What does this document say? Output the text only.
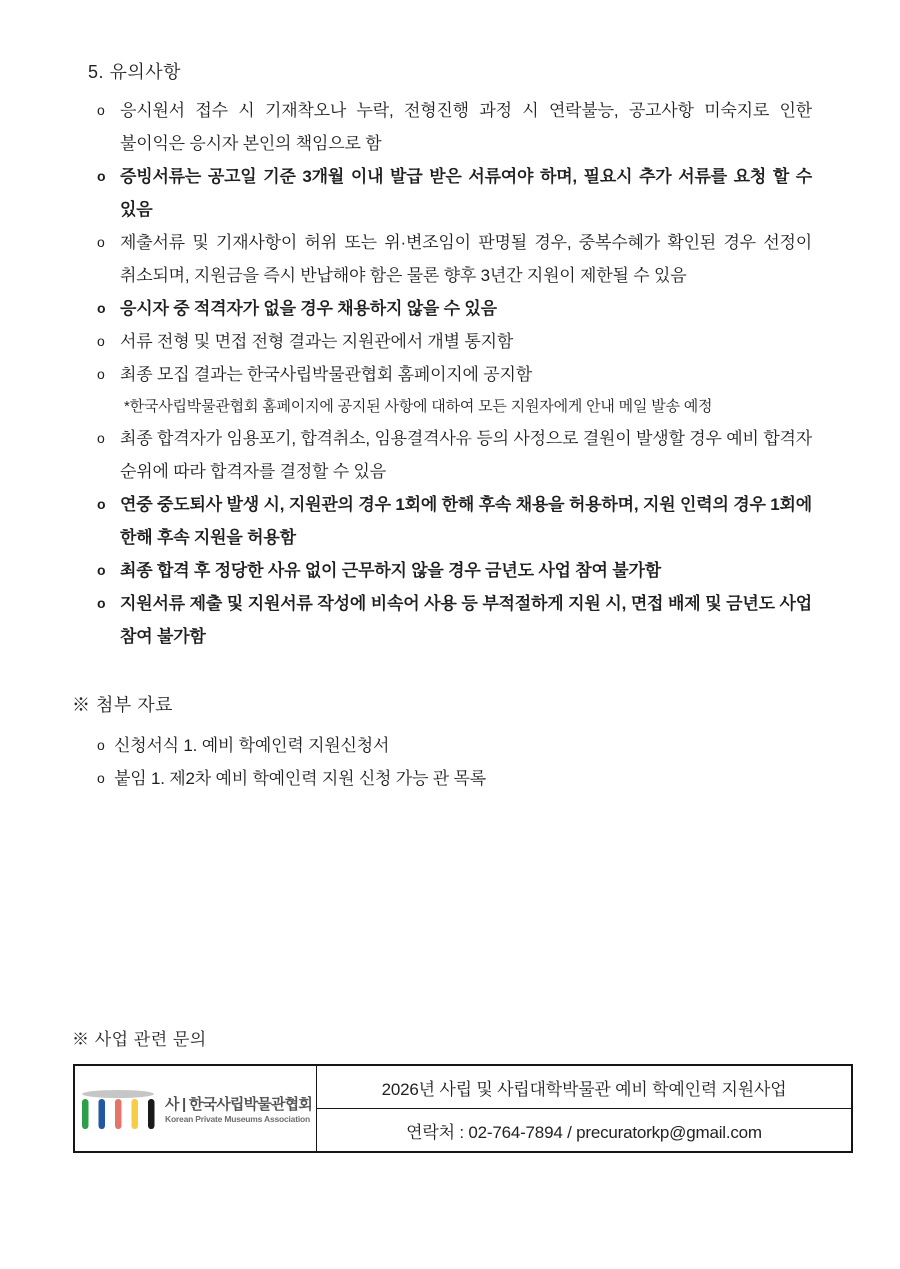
5. 유의사항
o 응시원서 접수 시 기재착오나 누락, 전형진행 과정 시 연락불능, 공고사항 미숙지로 인한 불이익은 응시자 본인의 책임으로 함
o 증빙서류는 공고일 기준 3개월 이내 발급 받은 서류여야 하며, 필요시 추가 서류를 요청 할 수 있음
o 제출서류 및 기재사항이 허위 또는 위·변조임이 판명될 경우, 중복수혜가 확인된 경우 선정이 취소되며, 지원금을 즉시 반납해야 함은 물론 향후 3년간 지원이 제한될 수 있음
o 응시자 중 적격자가 없을 경우 채용하지 않을 수 있음
o 서류 전형 및 면접 전형 결과는 지원관에서 개별 통지함
o 최종 모집 결과는 한국사립박물관협회 홈페이지에 공지함
*한국사립박물관협회 홈페이지에 공지된 사항에 대하여 모든 지원자에게 안내 메일 발송 예정
o 최종 합격자가 임용포기, 합격취소, 임용결격사유 등의 사정으로 결원이 발생할 경우 예비 합격자 순위에 따라 합격자를 결정할 수 있음
o 연중 중도퇴사 발생 시, 지원관의 경우 1회에 한해 후속 채용을 허용하며, 지원 인력의 경우 1회에 한해 후속 지원을 허용함
o 최종 합격 후 정당한 사유 없이 근무하지 않을 경우 금년도 사업 참여 불가함
o 지원서류 제출 및 지원서류 작성에 비속어 사용 등 부적절하게 지원 시, 면접 배제 및 금년도 사업 참여 불가함
※ 첨부 자료
o 신청서식 1. 예비 학예인력 지원신청서
o 붙임 1. 제2차 예비 학예인력 지원 신청 가능 관 목록
※ 사업 관련 문의
사 | 한국사립박물관협회
Korean Private Museums Association
2026년 사립 및 사립대학박물관 예비 학예인력 지원사업
연락처 : 02-764-7894 / precuratorkp@gmail.com
